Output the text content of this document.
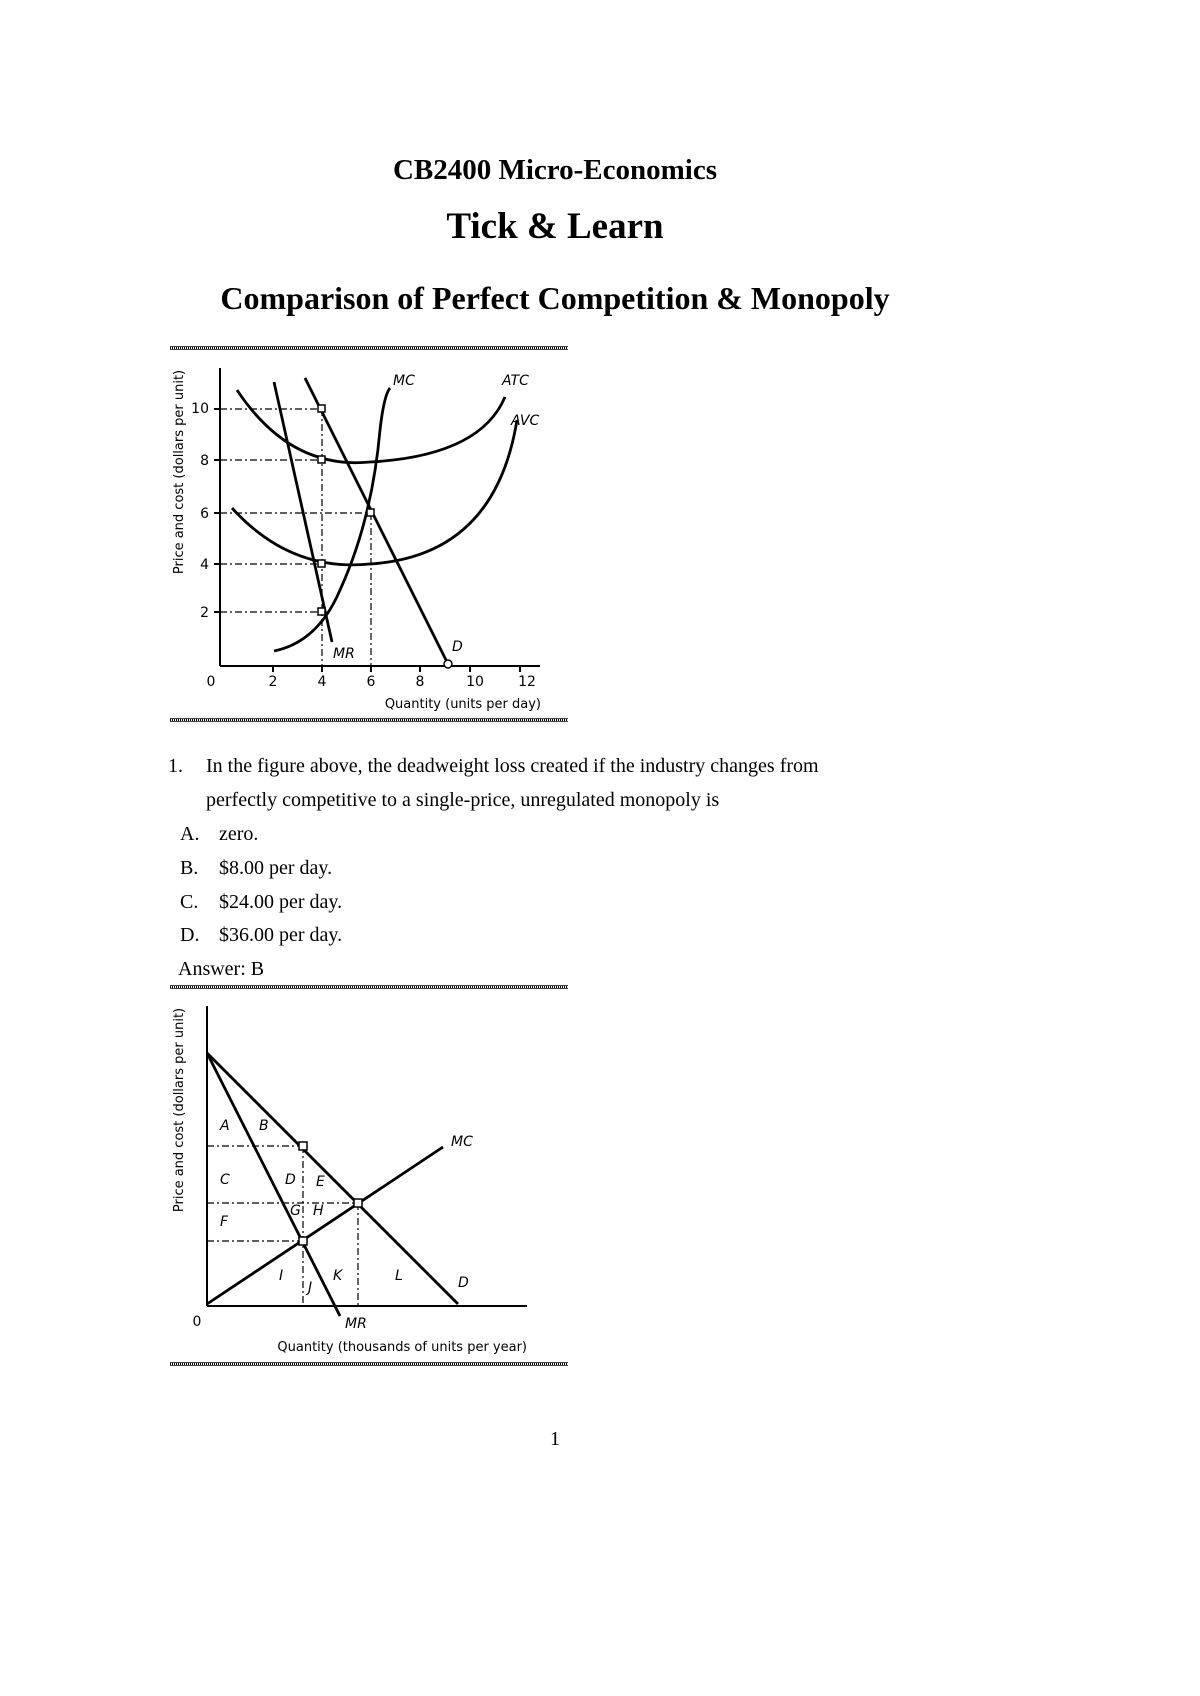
CB2400 Micro-Economics
Tick & Learn
Comparison of Perfect Competition & Monopoly
10
8
6
4
2
0	2	4	6	8	10 12
MC	ATC
AVC
MR	D
Quantity (units per day)
Price and cost (dollars per unit)
1. In the figure above, the deadweight loss created if the industry changes from
perfectly competitive to a single-price, unregulated monopoly is
A. zero.
B. $8.00 per day.
C. $24.00 per day.
D. $36.00 per day.
Answer: B
A B
C	D E
F
G H
I
J
K	L
MC
D
MR
0
Quantity (thousands of units per year)
Price and cost (dollars per unit)
1
